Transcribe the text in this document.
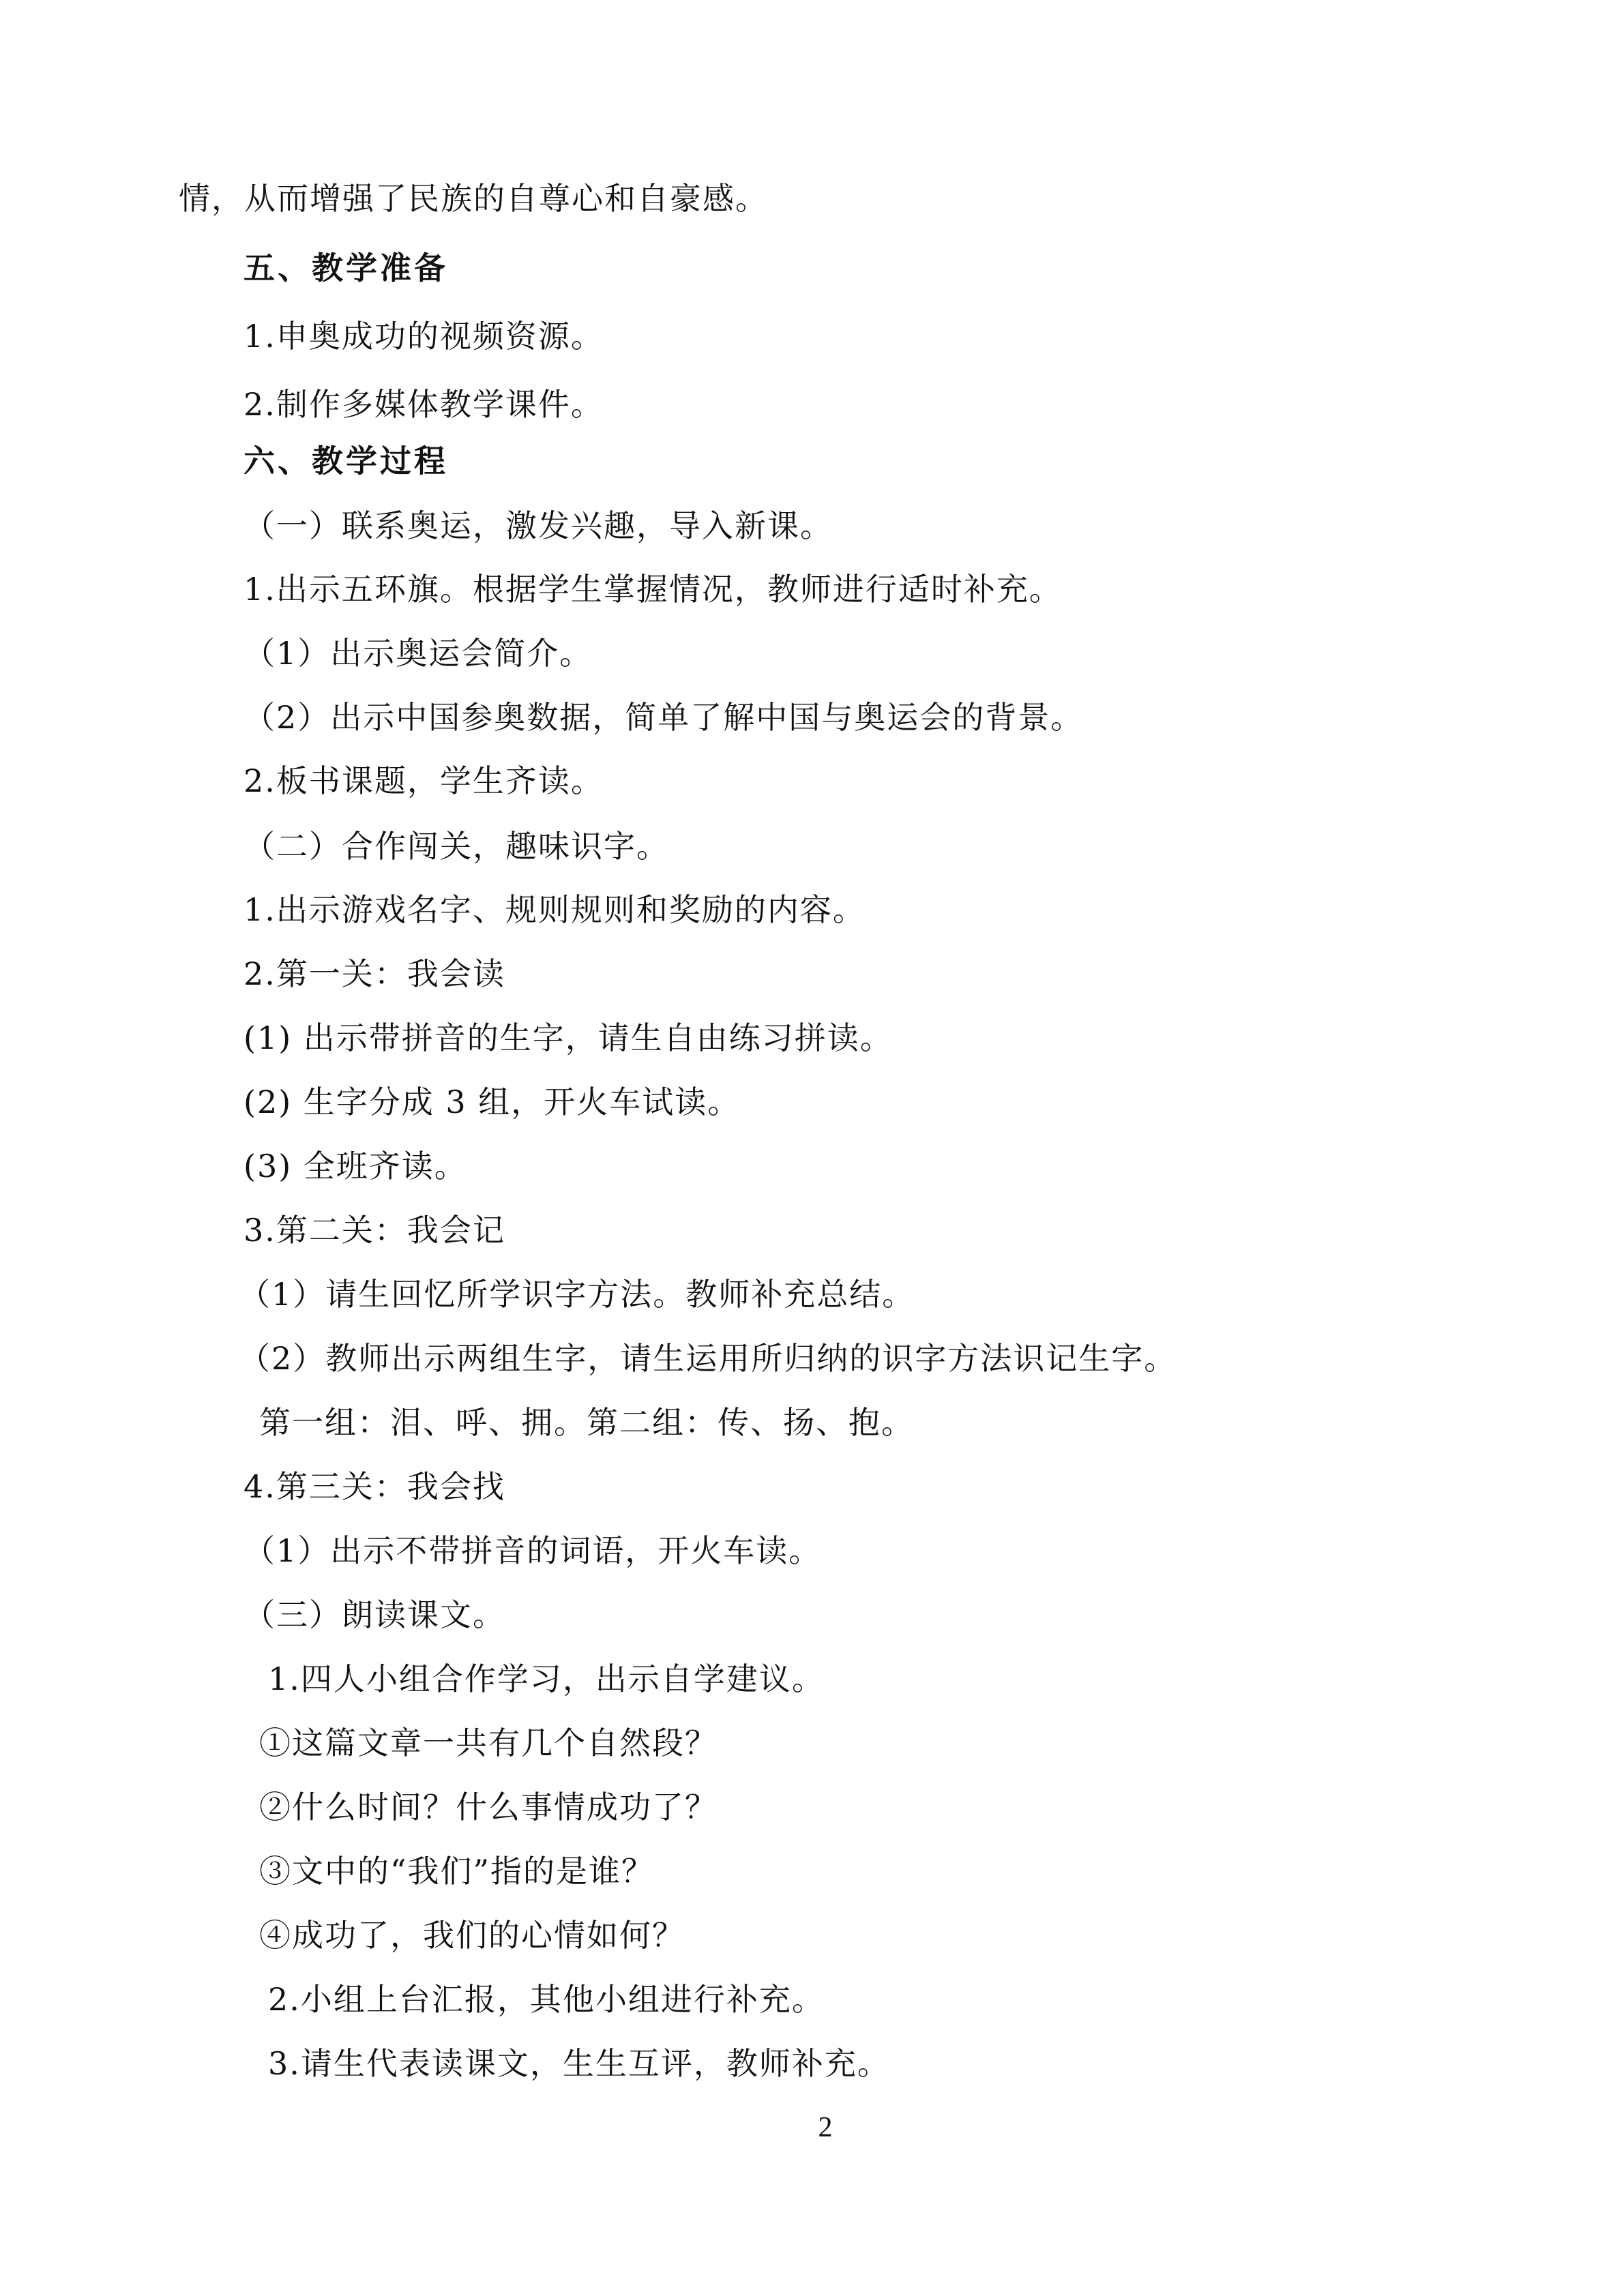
情，从而增强了民族的自尊心和自豪感。
五、教学准备
1.申奥成功的视频资源。
2.制作多媒体教学课件。
六、教学过程
（一）联系奥运，激发兴趣，导入新课。
1.出示五环旗。根据学生掌握情况，教师进行适时补充。
（1）出示奥运会简介。
（2）出示中国参奥数据，简单了解中国与奥运会的背景。
2.板书课题，学生齐读。
（二）合作闯关，趣味识字。
1.出示游戏名字、规则规则和奖励的内容。
2.第一关：我会读
(1) 出示带拼音的生字，请生自由练习拼读。
(2) 生字分成 3 组，开火车试读。
(3) 全班齐读。
3.第二关：我会记
（1）请生回忆所学识字方法。教师补充总结。
（2）教师出示两组生字，请生运用所归纳的识字方法识记生字。
第一组：泪、呼、拥。第二组：传、扬、抱。
4.第三关：我会找
（1）出示不带拼音的词语，开火车读。
（三）朗读课文。
1.四人小组合作学习，出示自学建议。
①这篇文章一共有几个自然段？
②什么时间？什么事情成功了？
③文中的“我们”指的是谁？
④成功了，我们的心情如何？
2.小组上台汇报，其他小组进行补充。
3.请生代表读课文，生生互评，教师补充。
2
